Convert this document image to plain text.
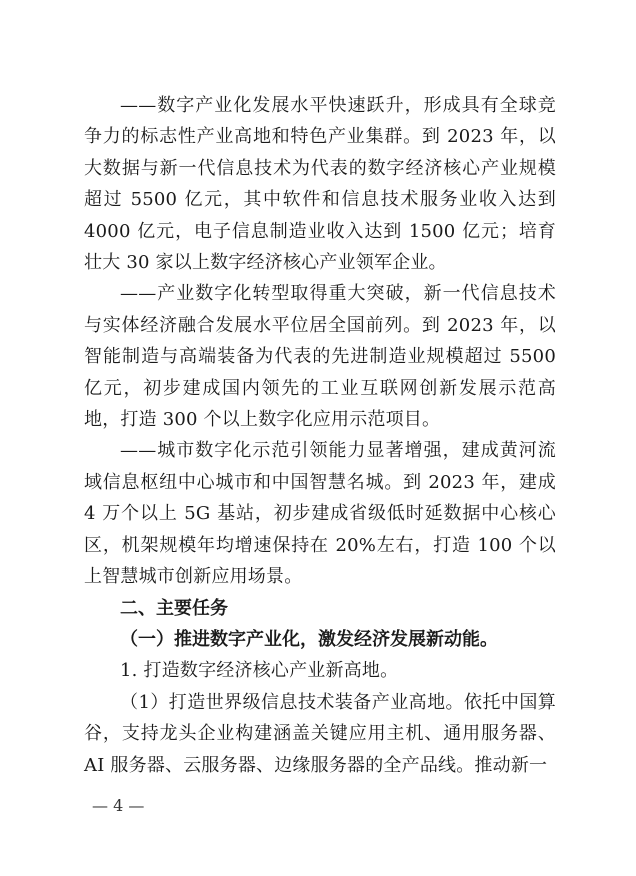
——数字产业化发展水平快速跃升，形成具有全球竞争力的标志性产业高地和特色产业集群。到 2023 年，以大数据与新一代信息技术为代表的数字经济核心产业规模超过 5500 亿元，其中软件和信息技术服务业收入达到 4000 亿元，电子信息制造业收入达到 1500 亿元；培育壮大 30 家以上数字经济核心产业领军企业。

——产业数字化转型取得重大突破，新一代信息技术与实体经济融合发展水平位居全国前列。到 2023 年，以智能制造与高端装备为代表的先进制造业规模超过 5500 亿元，初步建成国内领先的工业互联网创新发展示范高地，打造 300 个以上数字化应用示范项目。

——城市数字化示范引领能力显著增强，建成黄河流域信息枢纽中心城市和中国智慧名城。到 2023 年，建成 4 万个以上 5G 基站，初步建成省级低时延数据中心核心区，机架规模年均增速保持在 20%左右，打造 100 个以上智慧城市创新应用场景。

二、主要任务

（一）推进数字产业化，激发经济发展新动能。

1. 打造数字经济核心产业新高地。

（1）打造世界级信息技术装备产业高地。依托中国算谷，支持龙头企业构建涵盖关键应用主机、通用服务器、AI 服务器、云服务器、边缘服务器的全产品线。推动新一

— 4 —
